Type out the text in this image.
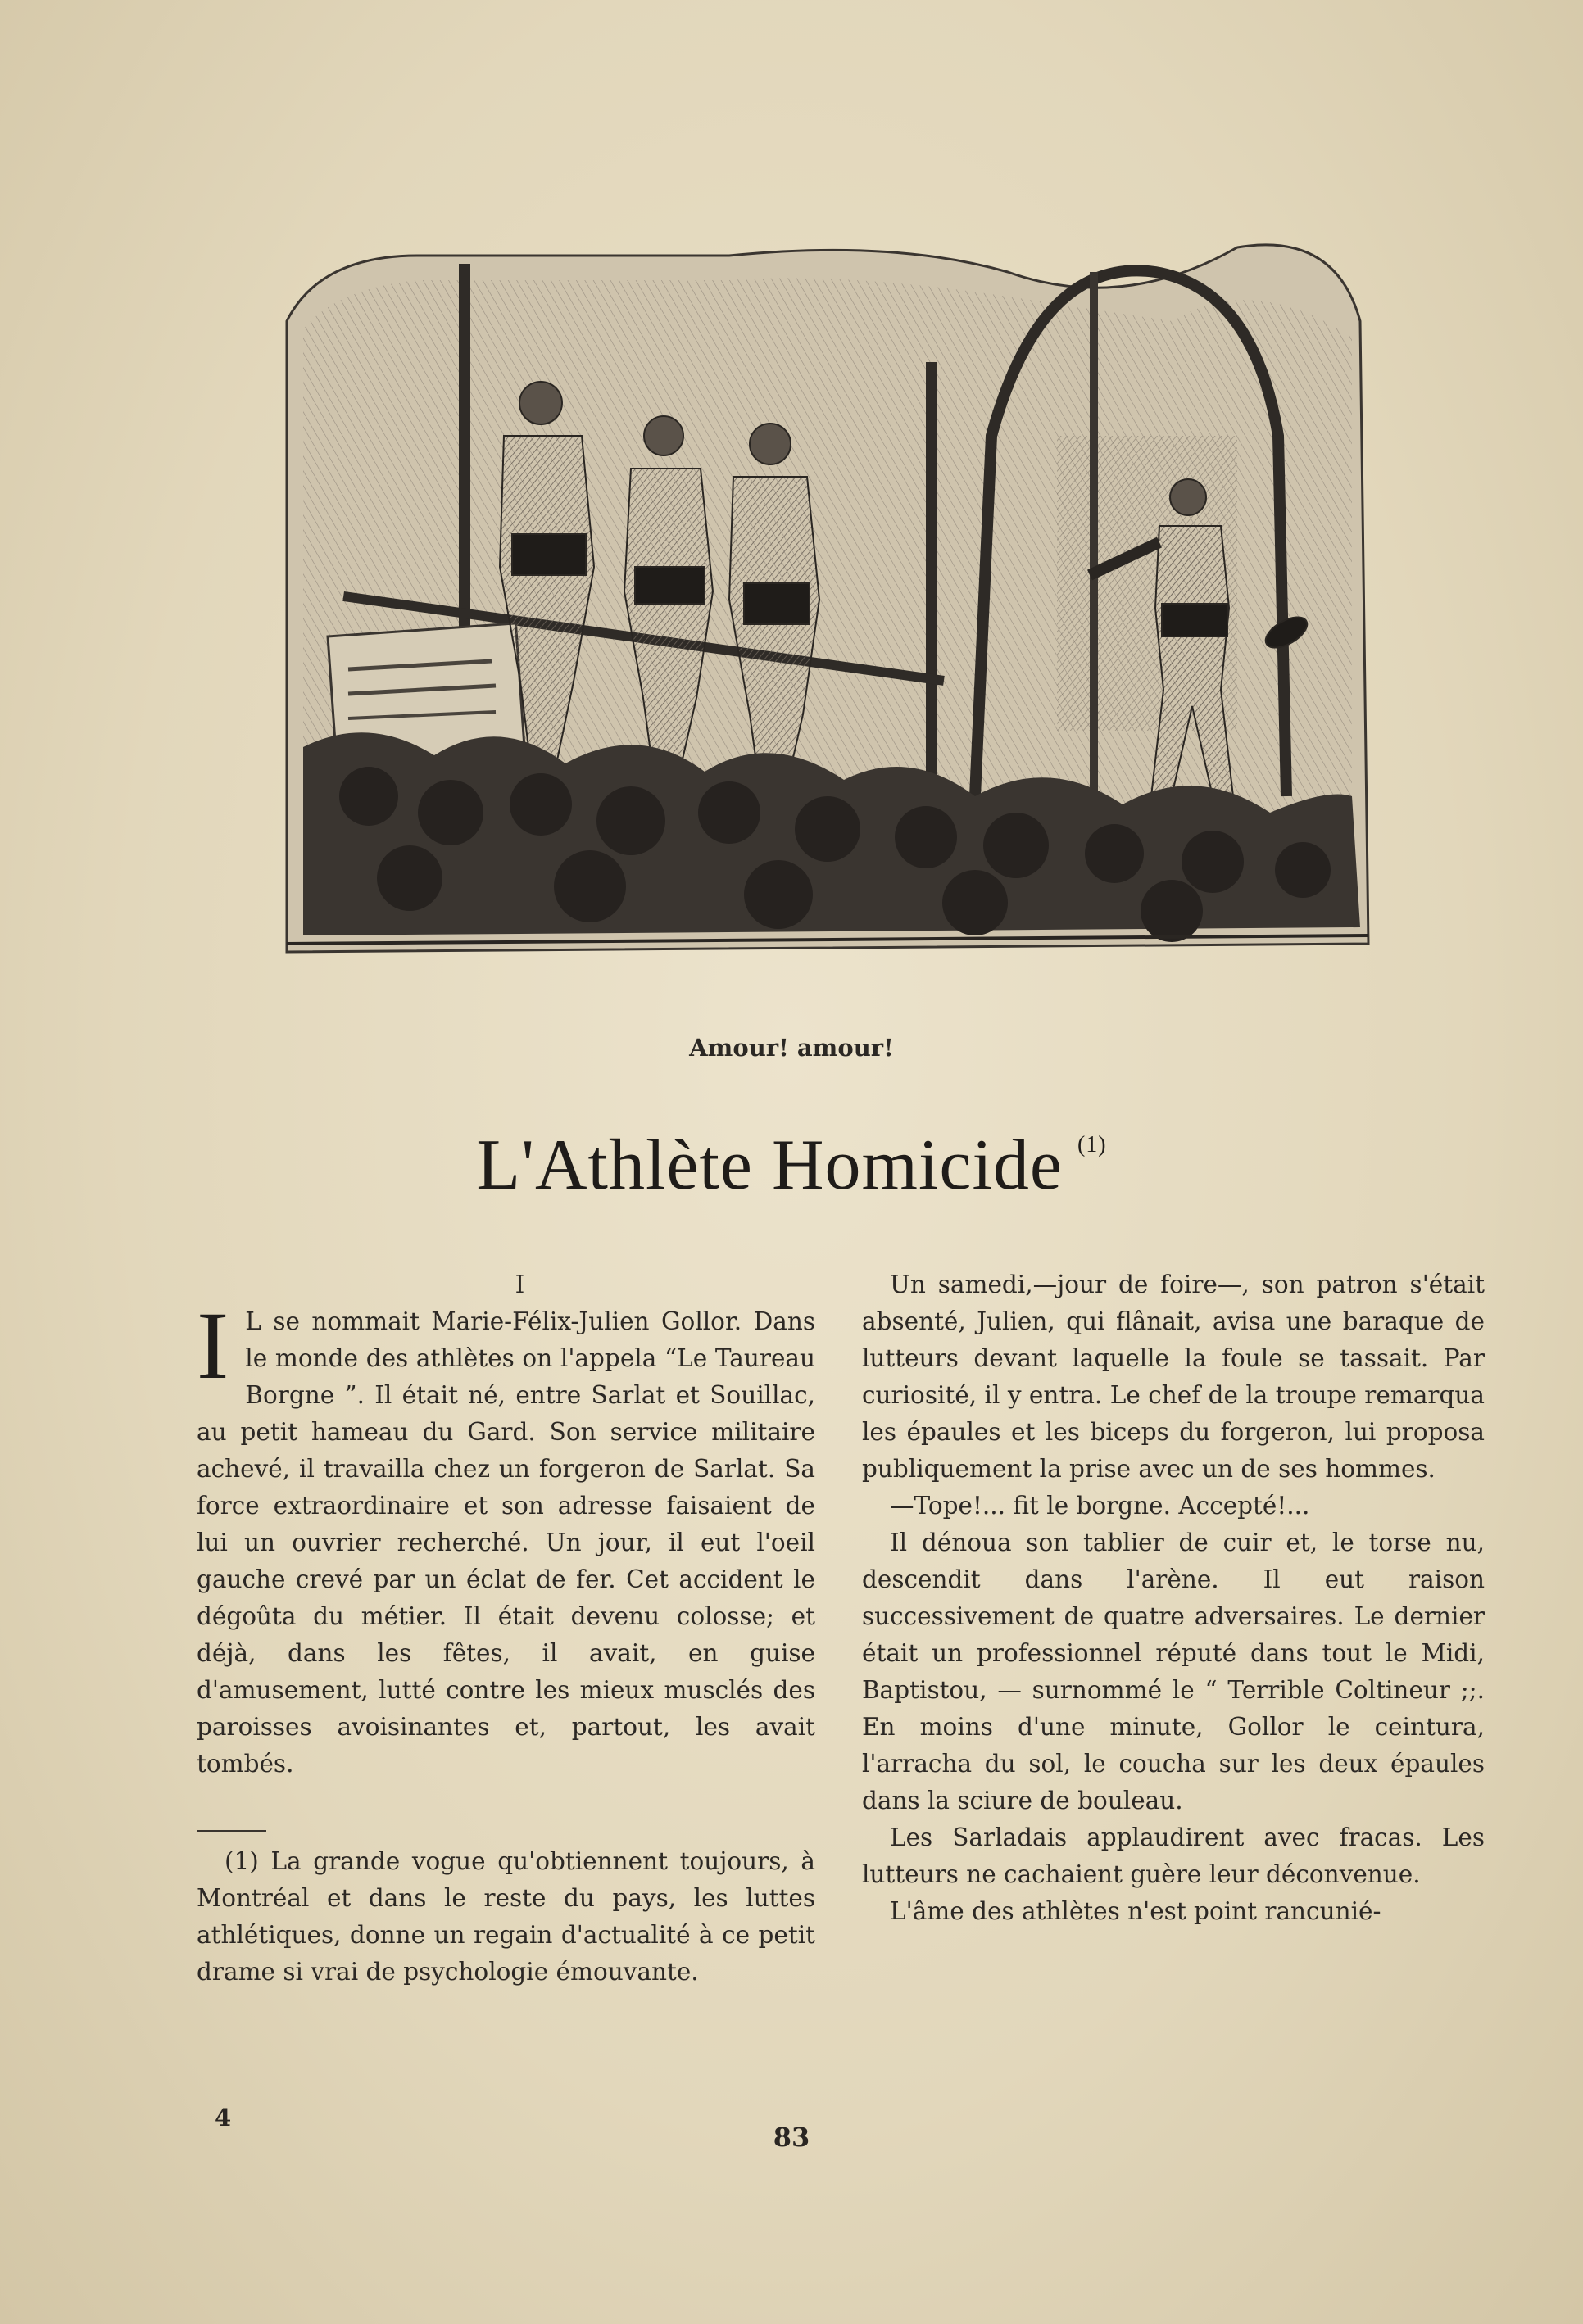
Amour! amour!
L'Athlète Homicide $^{(1)}$

I

I L se nommait Marie-Félix-Julien Gollor. Dans le monde des athlètes on l'appela “Le Taureau Borgne ”. Il était né, entre Sarlat et Souillac, au petit hameau du Gard. Son service militaire achevé, il travailla chez un forgeron de Sarlat. Sa force extraordinaire et son adresse faisaient de lui un ouvrier recherché. Un jour, il eut l'oeil gauche crevé par un éclat de fer. Cet accident le dégoûta du métier. Il était devenu colosse; et déjà, dans les fêtes, il avait, en guise d'amusement, lutté contre les mieux musclés des paroisses avoisinantes et, partout, les avait tombés.

(1) La grande vogue qu'obtiennent toujours, à Montréal et dans le reste du pays, les luttes athlétiques, donne un regain d'actualité à ce petit drame si vrai de psychologie émouvante.

Un samedi,—jour de foire—, son patron s'était absenté, Julien, qui flânait, avisa une baraque de lutteurs devant laquelle la foule se tassait. Par curiosité, il y entra. Le chef de la troupe remarqua les épaules et les biceps du forgeron, lui proposa publiquement la prise avec un de ses hommes.

—Tope!... fit le borgne. Accepté!...

Il dénoua son tablier de cuir et, le torse nu, descendit dans l'arène. Il eut raison successivement de quatre adversaires. Le dernier était un professionnel réputé dans tout le Midi, Baptistou, — surnommé le “ Terrible Coltineur ;;. En moins d'une minute, Gollor le ceintura, l'arracha du sol, le coucha sur les deux épaules dans la sciure de bouleau.

Les Sarladais applaudirent avec fracas. Les lutteurs ne cachaient guère leur déconvenue.

L'âme des athlètes n'est point rancunié-

4
83
